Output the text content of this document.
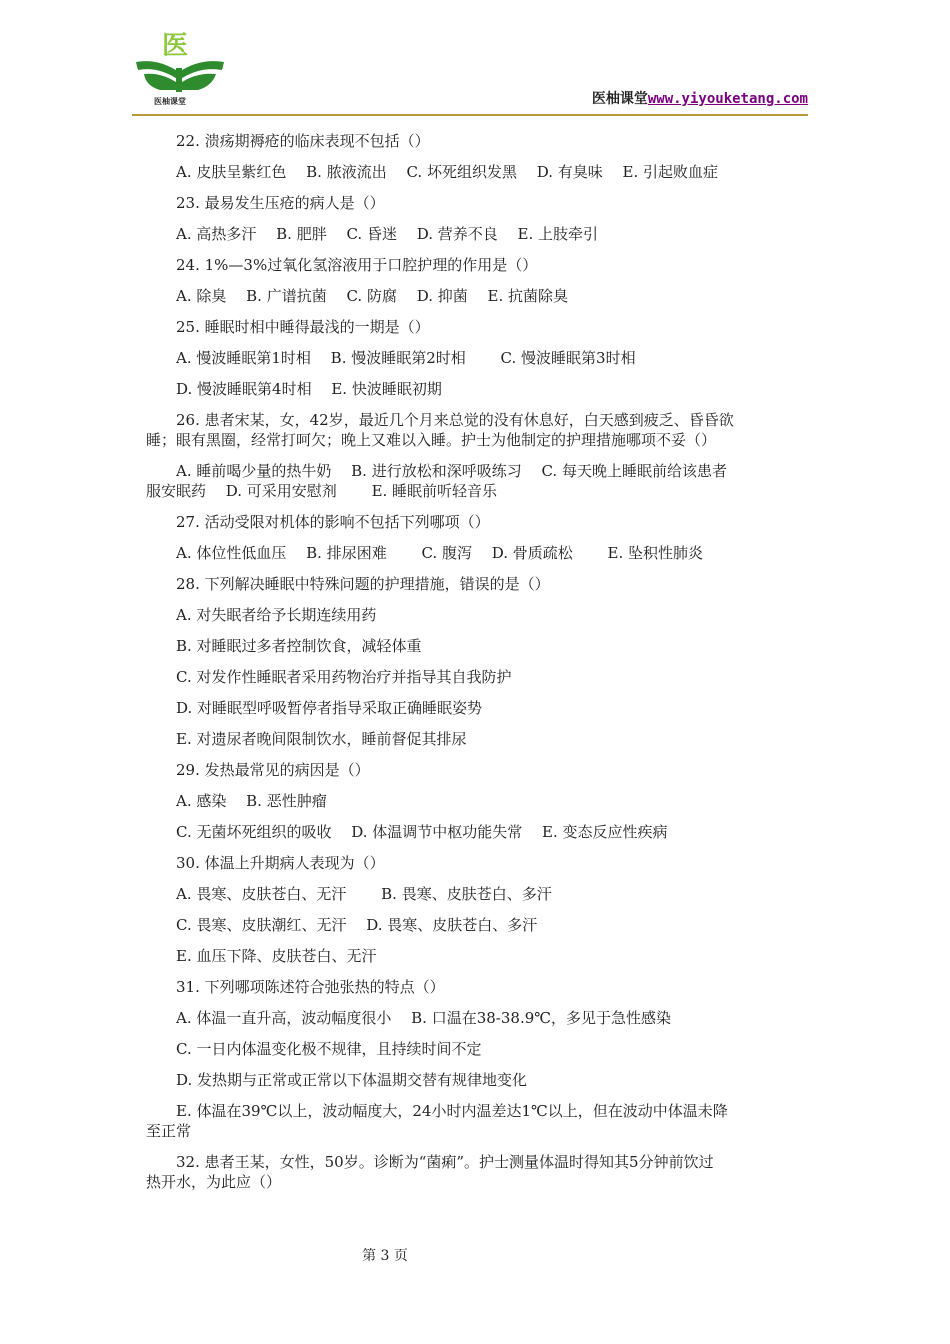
医
医柚课堂	医柚课堂www.yiyouketang.com

22. 溃疡期褥疮的临床表现不包括（）

A. 皮肤呈紫红色　 B. 脓液流出　 C. 坏死组织发黑　 D. 有臭味　 E. 引起败血症

23. 最易发生压疮的病人是（）

A. 高热多汗　 B. 肥胖　 C. 昏迷　 D. 营养不良　 E. 上肢牵引

24. 1%—3%过氧化氢溶液用于口腔护理的作用是（）

A. 除臭　 B. 广谱抗菌　 C. 防腐　 D. 抑菌　 E. 抗菌除臭

25. 睡眠时相中睡得最浅的一期是（）

A. 慢波睡眠第1时相　 B. 慢波睡眠第2时相　　 C. 慢波睡眠第3时相

D. 慢波睡眠第4时相　 E. 快波睡眠初期

26. 患者宋某，女，42岁，最近几个月来总觉的没有休息好，白天感到疲乏、昏昏欲

睡；眼有黑圈，经常打呵欠；晚上又难以入睡。护士为他制定的护理措施哪项不妥（）

A. 睡前喝少量的热牛奶　 B. 进行放松和深呼吸练习　 C. 每天晚上睡眠前给该患者

服安眠药　 D. 可采用安慰剂　　 E. 睡眠前听轻音乐

27. 活动受限对机体的影响不包括下列哪项（）

A. 体位性低血压　 B. 排尿困难　　 C. 腹泻　 D. 骨质疏松　　 E. 坠积性肺炎

28. 下列解决睡眠中特殊问题的护理措施，错误的是（）

A. 对失眠者给予长期连续用药

B. 对睡眠过多者控制饮食，减轻体重

C. 对发作性睡眠者采用药物治疗并指导其自我防护

D. 对睡眠型呼吸暂停者指导采取正确睡眠姿势

E. 对遗尿者晚间限制饮水，睡前督促其排尿

29. 发热最常见的病因是（）

A. 感染　 B. 恶性肿瘤

C. 无菌坏死组织的吸收　 D. 体温调节中枢功能失常　 E. 变态反应性疾病

30. 体温上升期病人表现为（）

A. 畏寒、皮肤苍白、无汗　　 B. 畏寒、皮肤苍白、多汗

C. 畏寒、皮肤潮红、无汗　 D. 畏寒、皮肤苍白、多汗

E. 血压下降、皮肤苍白、无汗

31. 下列哪项陈述符合弛张热的特点（）

A. 体温一直升高，波动幅度很小　 B. 口温在38-38.9℃，多见于急性感染

C. 一日内体温变化极不规律，且持续时间不定

D. 发热期与正常或正常以下体温期交替有规律地变化

E. 体温在39℃以上，波动幅度大，24小时内温差达1℃以上，但在波动中体温未降

至正常

32. 患者王某，女性，50岁。诊断为“菌痢”。护士测量体温时得知其5分钟前饮过

热开水，为此应（）

第 3 页
